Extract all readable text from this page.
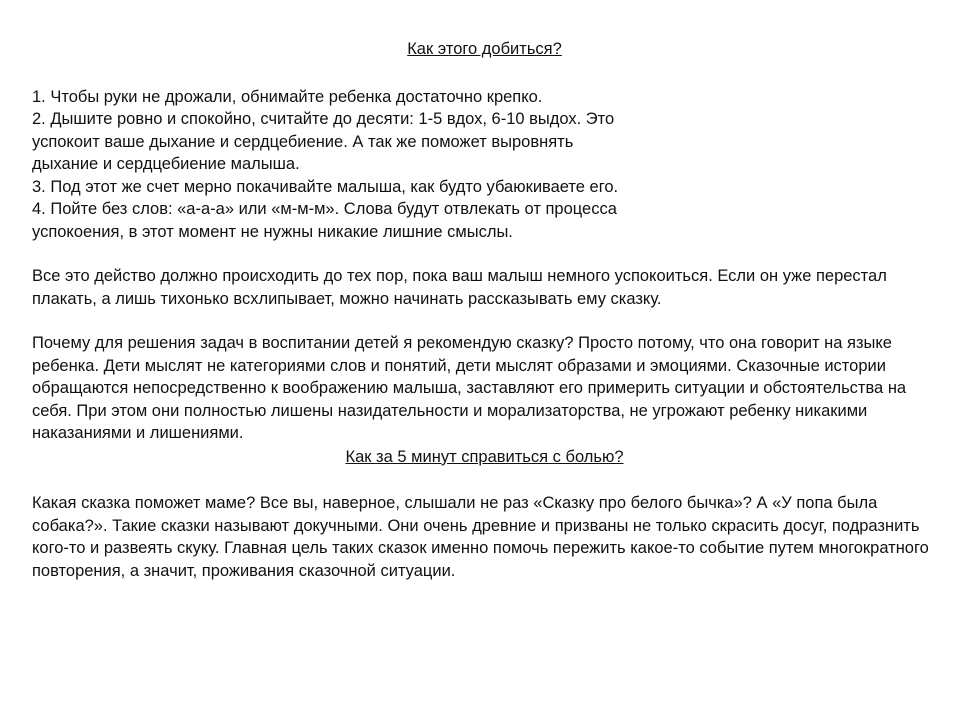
Как этого добиться?

1. Чтобы руки не дрожали, обнимайте ребенка достаточно крепко.

2. Дышите ровно и спокойно, считайте до десяти: 1-5 вдох, 6-10 выдох. Это успокоит ваше дыхание и сердцебиение. А так же поможет выровнять дыхание и сердцебиение малыша.

3. Под этот же счет мерно покачивайте малыша, как будто убаюкиваете его.

4. Пойте без слов: «а-а-а» или «м-м-м». Слова будут отвлекать от процесса успокоения, в этот момент не нужны никакие лишние смыслы.

Все это действо должно происходить до тех пор, пока ваш малыш немного успокоиться. Если он уже перестал плакать, а лишь тихонько всхлипывает, можно начинать рассказывать ему сказку.

Почему для решения задач в воспитании детей я рекомендую сказку? Просто потому, что она говорит на языке ребенка. Дети мыслят не категориями слов и понятий, дети мыслят образами и эмоциями. Сказочные истории обращаются непосредственно к воображению малыша, заставляют его примерить ситуации и обстоятельства на себя. При этом они полностью лишены назидательности и морализаторства, не угрожают ребенку никакими наказаниями и лишениями.

Как за 5 минут справиться с болью?

Какая сказка поможет маме? Все вы, наверное, слышали не раз «Сказку про белого бычка»? А «У попа была собака?». Такие сказки называют докучными. Они очень древние и призваны не только скрасить досуг, подразнить кого-то и развеять скуку. Главная цель таких сказок именно помочь пережить какое-то событие путем многократного повторения, а значит, проживания сказочной ситуации.
